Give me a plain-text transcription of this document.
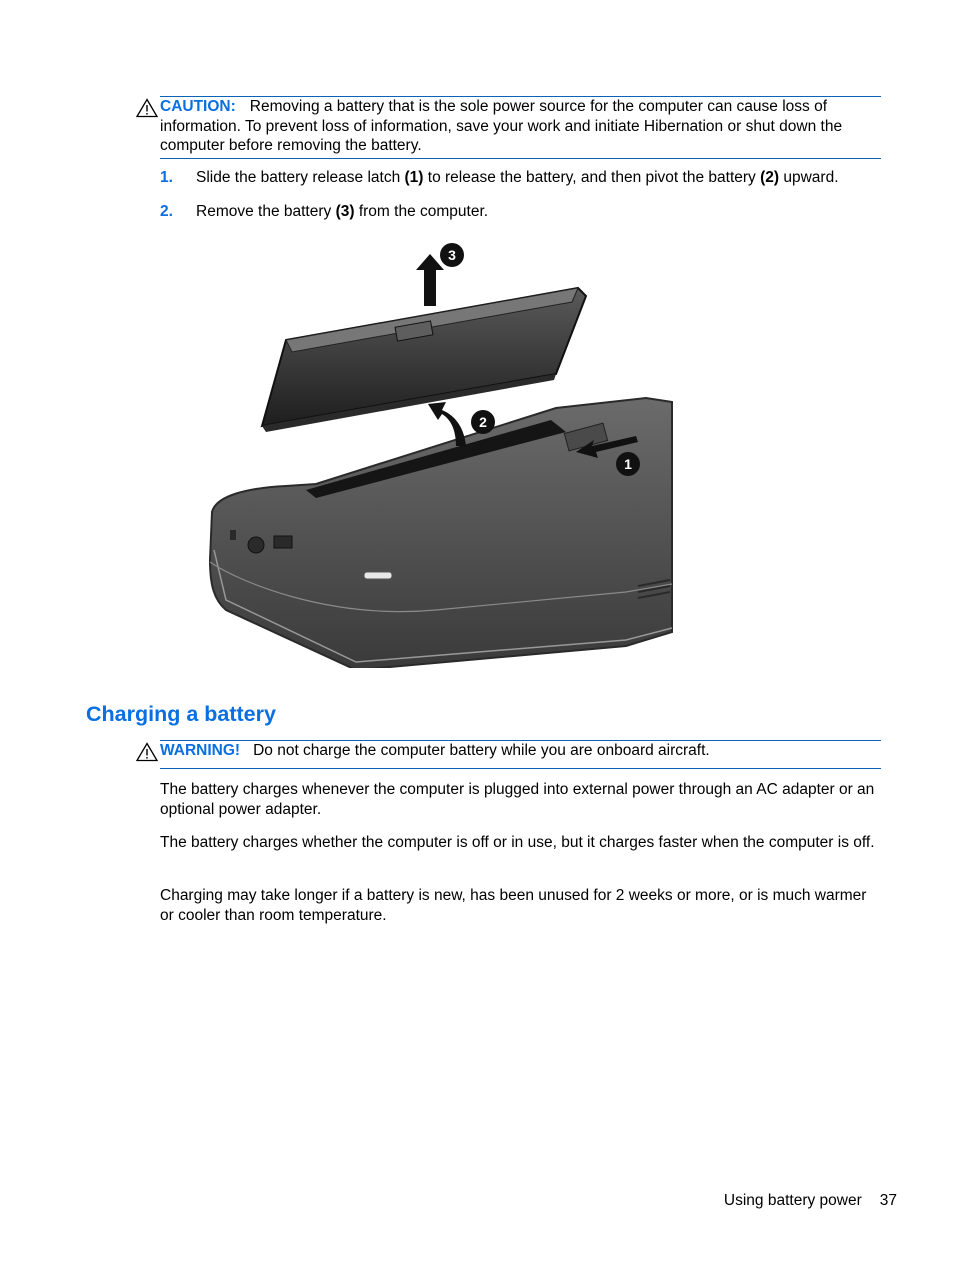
CAUTION: Removing a battery that is the sole power source for the computer can cause loss of information. To prevent loss of information, save your work and initiate Hibernation or shut down the computer before removing the battery.
1. Slide the battery release latch (1) to release the battery, and then pivot the battery (2) upward.
2. Remove the battery (3) from the computer.
1
2
3
Charging a battery
WARNING! Do not charge the computer battery while you are onboard aircraft.

The battery charges whenever the computer is plugged into external power through an AC adapter or an optional power adapter.

The battery charges whether the computer is off or in use, but it charges faster when the computer is off.

Charging may take longer if a battery is new, has been unused for 2 weeks or more, or is much warmer or cooler than room temperature.

Using battery power 37
